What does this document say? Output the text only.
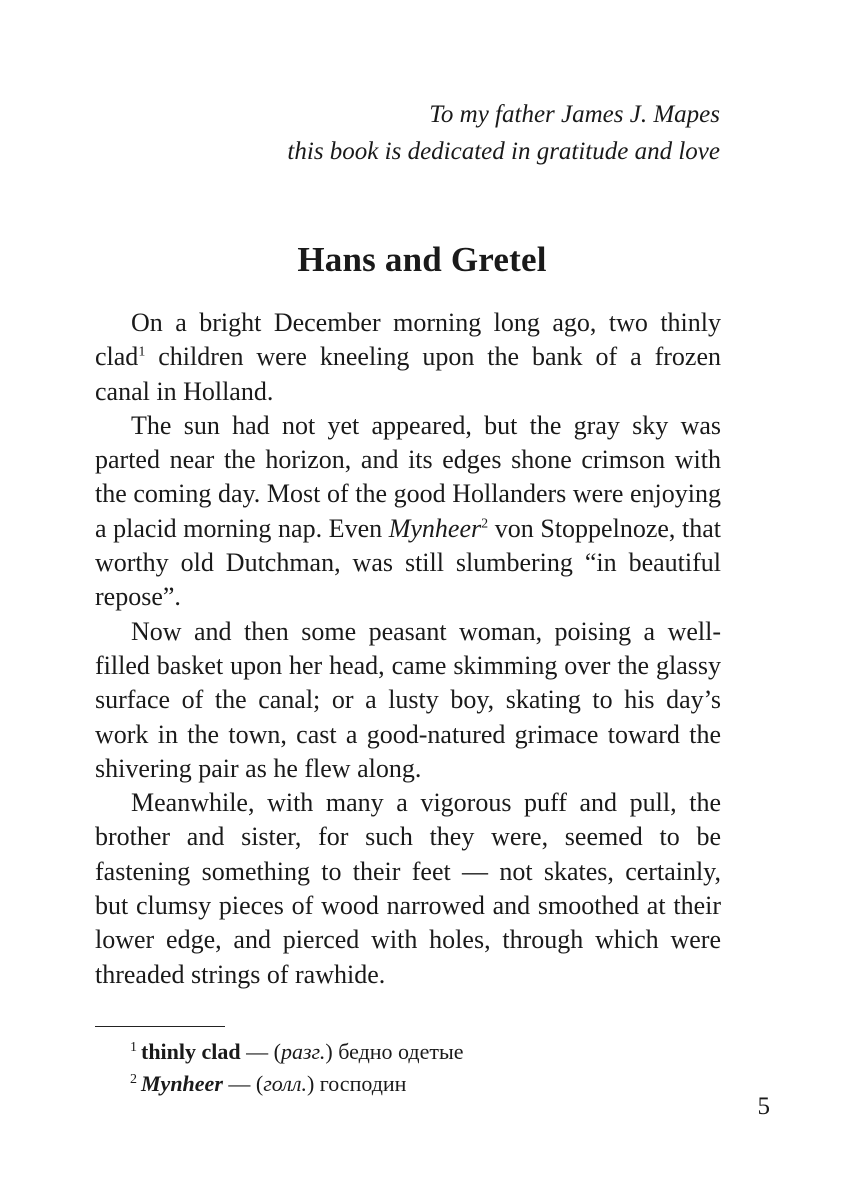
To my father James J. Mapes
this book is dedicated in gratitude and love
Hans and Gretel

On a bright December morning long ago, two thinly clad$^1$ children were kneeling upon the bank of a frozen canal in Holland.

The sun had not yet appeared, but the gray sky was parted near the horizon, and its edges shone crimson with the coming day. Most of the good Hollanders were enjoying a placid morning nap. Even Mynheer$^2$ von Stoppelnoze, that worthy old Dutchman, was still slumbering “in beautiful repose”.

Now and then some peasant woman, poising a well-filled basket upon her head, came skimming over the glassy surface of the canal; or a lusty boy, skating to his day’s work in the town, cast a good-natured grimace toward the shivering pair as he flew along.

Meanwhile, with many a vigorous puff and pull, the brother and sister, for such they were, seemed to be fastening something to their feet — not skates, certainly, but clumsy pieces of wood narrowed and smoothed at their lower edge, and pierced with holes, through which were threaded strings of rawhide.

$^1$ thinly clad — (разг.) бедно одетые
$^2$ Mynheer — (голл.) господин
5
